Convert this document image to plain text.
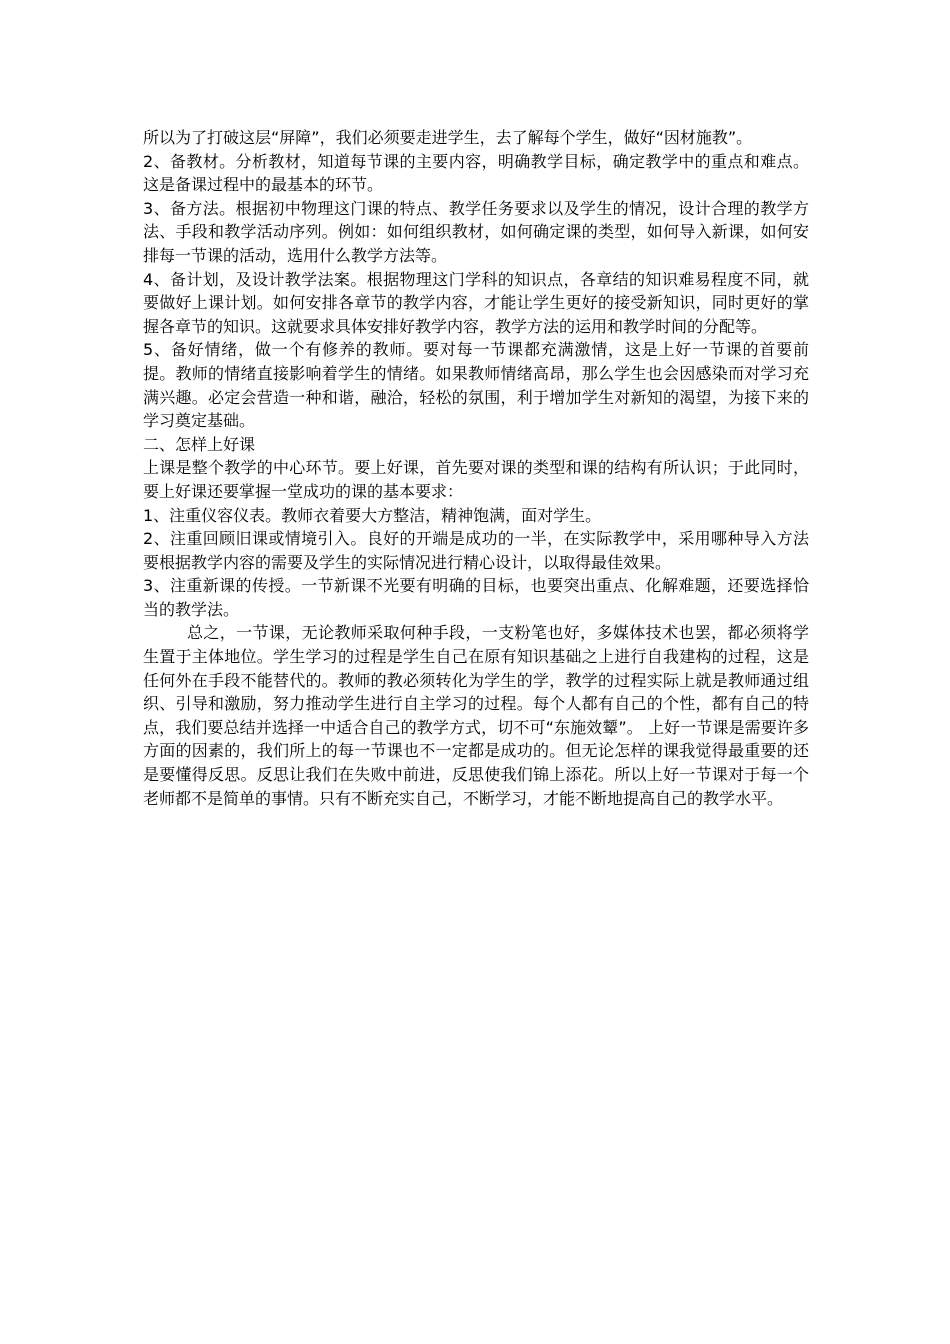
所以为了打破这层“屏障”，我们必须要走进学生，去了解每个学生，做好“因材施教”。

2、备教材。分析教材，知道每节课的主要内容，明确教学目标，确定教学中的重点和难点。这是备课过程中的最基本的环节。

3、备方法。根据初中物理这门课的特点、教学任务要求以及学生的情况，设计合理的教学方法、手段和教学活动序列。例如：如何组织教材，如何确定课的类型，如何导入新课，如何安排每一节课的活动，选用什么教学方法等。

4、备计划，及设计教学法案。根据物理这门学科的知识点，各章结的知识难易程度不同，就要做好上课计划。如何安排各章节的教学内容，才能让学生更好的接受新知识，同时更好的掌握各章节的知识。这就要求具体安排好教学内容，教学方法的运用和教学时间的分配等。

5、备好情绪，做一个有修养的教师。要对每一节课都充满激情，这是上好一节课的首要前提。教师的情绪直接影响着学生的情绪。如果教师情绪高昂，那么学生也会因感染而对学习充满兴趣。必定会营造一种和谐，融洽，轻松的氛围，利于增加学生对新知的渴望，为接下来的学习奠定基础。

二、怎样上好课

上课是整个教学的中心环节。要上好课，首先要对课的类型和课的结构有所认识；于此同时，要上好课还要掌握一堂成功的课的基本要求：

1、注重仪容仪表。教师衣着要大方整洁，精神饱满，面对学生。

2、注重回顾旧课或情境引入。良好的开端是成功的一半，在实际教学中，采用哪种导入方法要根据教学内容的需要及学生的实际情况进行精心设计，以取得最佳效果。

3、注重新课的传授。一节新课不光要有明确的目标，也要突出重点、化解难题，还要选择恰当的教学法。

总之，一节课，无论教师采取何种手段，一支粉笔也好，多媒体技术也罢，都必须将学生置于主体地位。学生学习的过程是学生自己在原有知识基础之上进行自我建构的过程，这是任何外在手段不能替代的。教师的教必须转化为学生的学，教学的过程实际上就是教师通过组织、引导和激励，努力推动学生进行自主学习的过程。每个人都有自己的个性，都有自己的特点，我们要总结并选择一中适合自己的教学方式，切不可“东施效颦”。 上好一节课是需要许多方面的因素的，我们所上的每一节课也不一定都是成功的。但无论怎样的课我觉得最重要的还是要懂得反思。反思让我们在失败中前进，反思使我们锦上添花。所以上好一节课对于每一个老师都不是简单的事情。只有不断充实自己，不断学习，才能不断地提高自己的教学水平。
